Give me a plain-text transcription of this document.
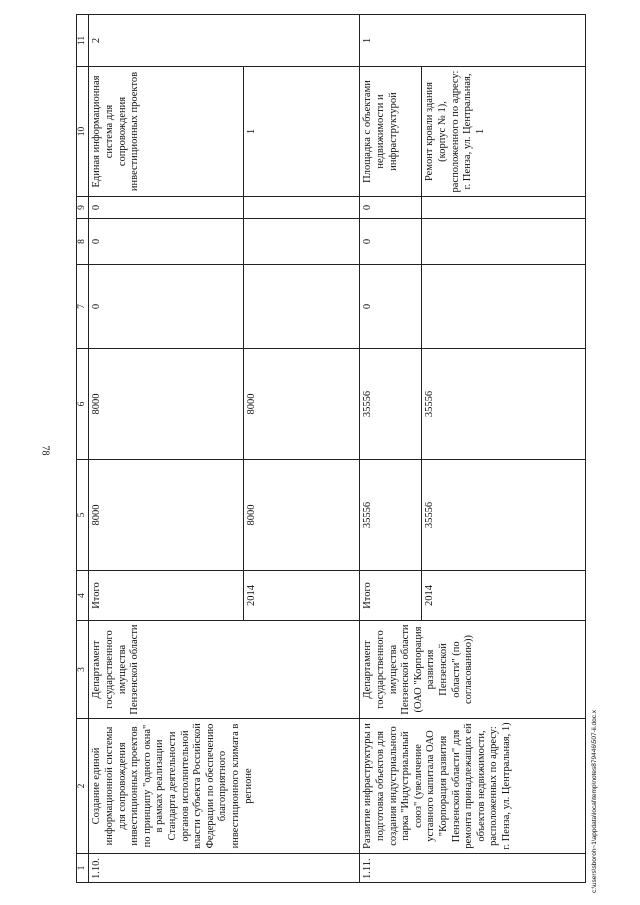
78
1	2	3	4	5	6	7	8	9	10	11
1.10.	Создание единой информационной системы для сопровождения инвестиционных проектов по принципу "одного окна" в рамках реализации Стандарта деятельности органов исполнительной власти субъекта Российской Федерации по обеспечению благоприятного инвестиционного климата в регионе	Департамент государственного имущества Пензенской области	Итого	8000	8000	0	0	0	Единая информационная система для сопровождения инвестиционных проектов	2
			2014	8000	8000				1	
1.11.	Развитие инфраструктуры и подготовка объектов для создания индустриального парка "Индустриальный союз" (увеличение уставного капитала ОАО "Корпорация развития Пензенской области" для ремонта принадлежащих ей объектов недвижимости, расположенных по адресу: г. Пенза, ул. Центральная, 1)	Департамент государственного имущества Пензенской области (ОАО "Корпорация развития Пензенской области" (по согласованию))	Итого	35556	35556	0	0	0	Площадка с объектами недвижимости и инфраструктурой	1
			2014	35556	35556				Ремонт кровли здания (корпус № 1), расположенного по адресу: г. Пенза, ул. Центральная, 1	
c:\users\sboroh~1\appdata\local\temp\notes879446\507-ii.doc.x
